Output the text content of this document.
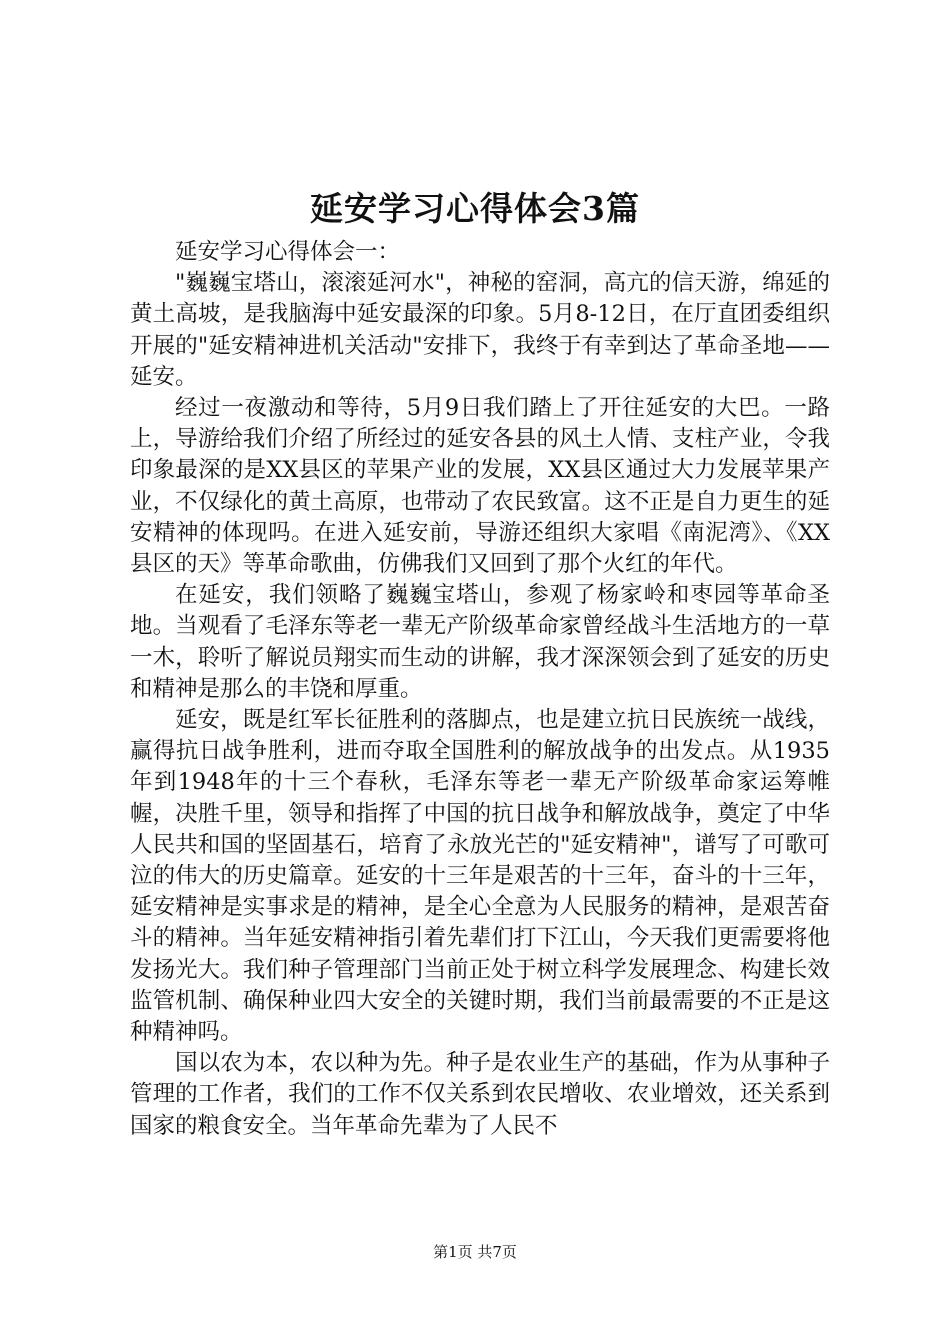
延安学习心得体会3篇

延安学习心得体会一：

"巍巍宝塔山，滚滚延河水"，神秘的窑洞，高亢的信天游，绵延的黄土高坡，是我脑海中延安最深的印象。5月8-12日，在厅直团委组织开展的"延安精神进机关活动"安排下，我终于有幸到达了革命圣地——延安。

经过一夜激动和等待，5月9日我们踏上了开往延安的大巴。一路上，导游给我们介绍了所经过的延安各县的风土人情、支柱产业，令我印象最深的是XX县区的苹果产业的发展，XX县区通过大力发展苹果产业，不仅绿化的黄土高原，也带动了农民致富。这不正是自力更生的延安精神的体现吗。在进入延安前，导游还组织大家唱《南泥湾》、《XX县区的天》等革命歌曲，仿佛我们又回到了那个火红的年代。

在延安，我们领略了巍巍宝塔山，参观了杨家岭和枣园等革命圣地。当观看了毛泽东等老一辈无产阶级革命家曾经战斗生活地方的一草一木，聆听了解说员翔实而生动的讲解，我才深深领会到了延安的历史和精神是那么的丰饶和厚重。

延安，既是红军长征胜利的落脚点，也是建立抗日民族统一战线，赢得抗日战争胜利，进而夺取全国胜利的解放战争的出发点。从1935年到1948年的十三个春秋，毛泽东等老一辈无产阶级革命家运筹帷幄，决胜千里，领导和指挥了中国的抗日战争和解放战争，奠定了中华人民共和国的坚固基石，培育了永放光芒的"延安精神"，谱写了可歌可泣的伟大的历史篇章。延安的十三年是艰苦的十三年，奋斗的十三年，延安精神是实事求是的精神，是全心全意为人民服务的精神，是艰苦奋斗的精神。当年延安精神指引着先辈们打下江山，今天我们更需要将他发扬光大。我们种子管理部门当前正处于树立科学发展理念、构建长效监管机制、确保种业四大安全的关键时期，我们当前最需要的不正是这种精神吗。

国以农为本，农以种为先。种子是农业生产的基础，作为从事种子管理的工作者，我们的工作不仅关系到农民增收、农业增效，还关系到国家的粮食安全。当年革命先辈为了人民不

第1页 共7页
